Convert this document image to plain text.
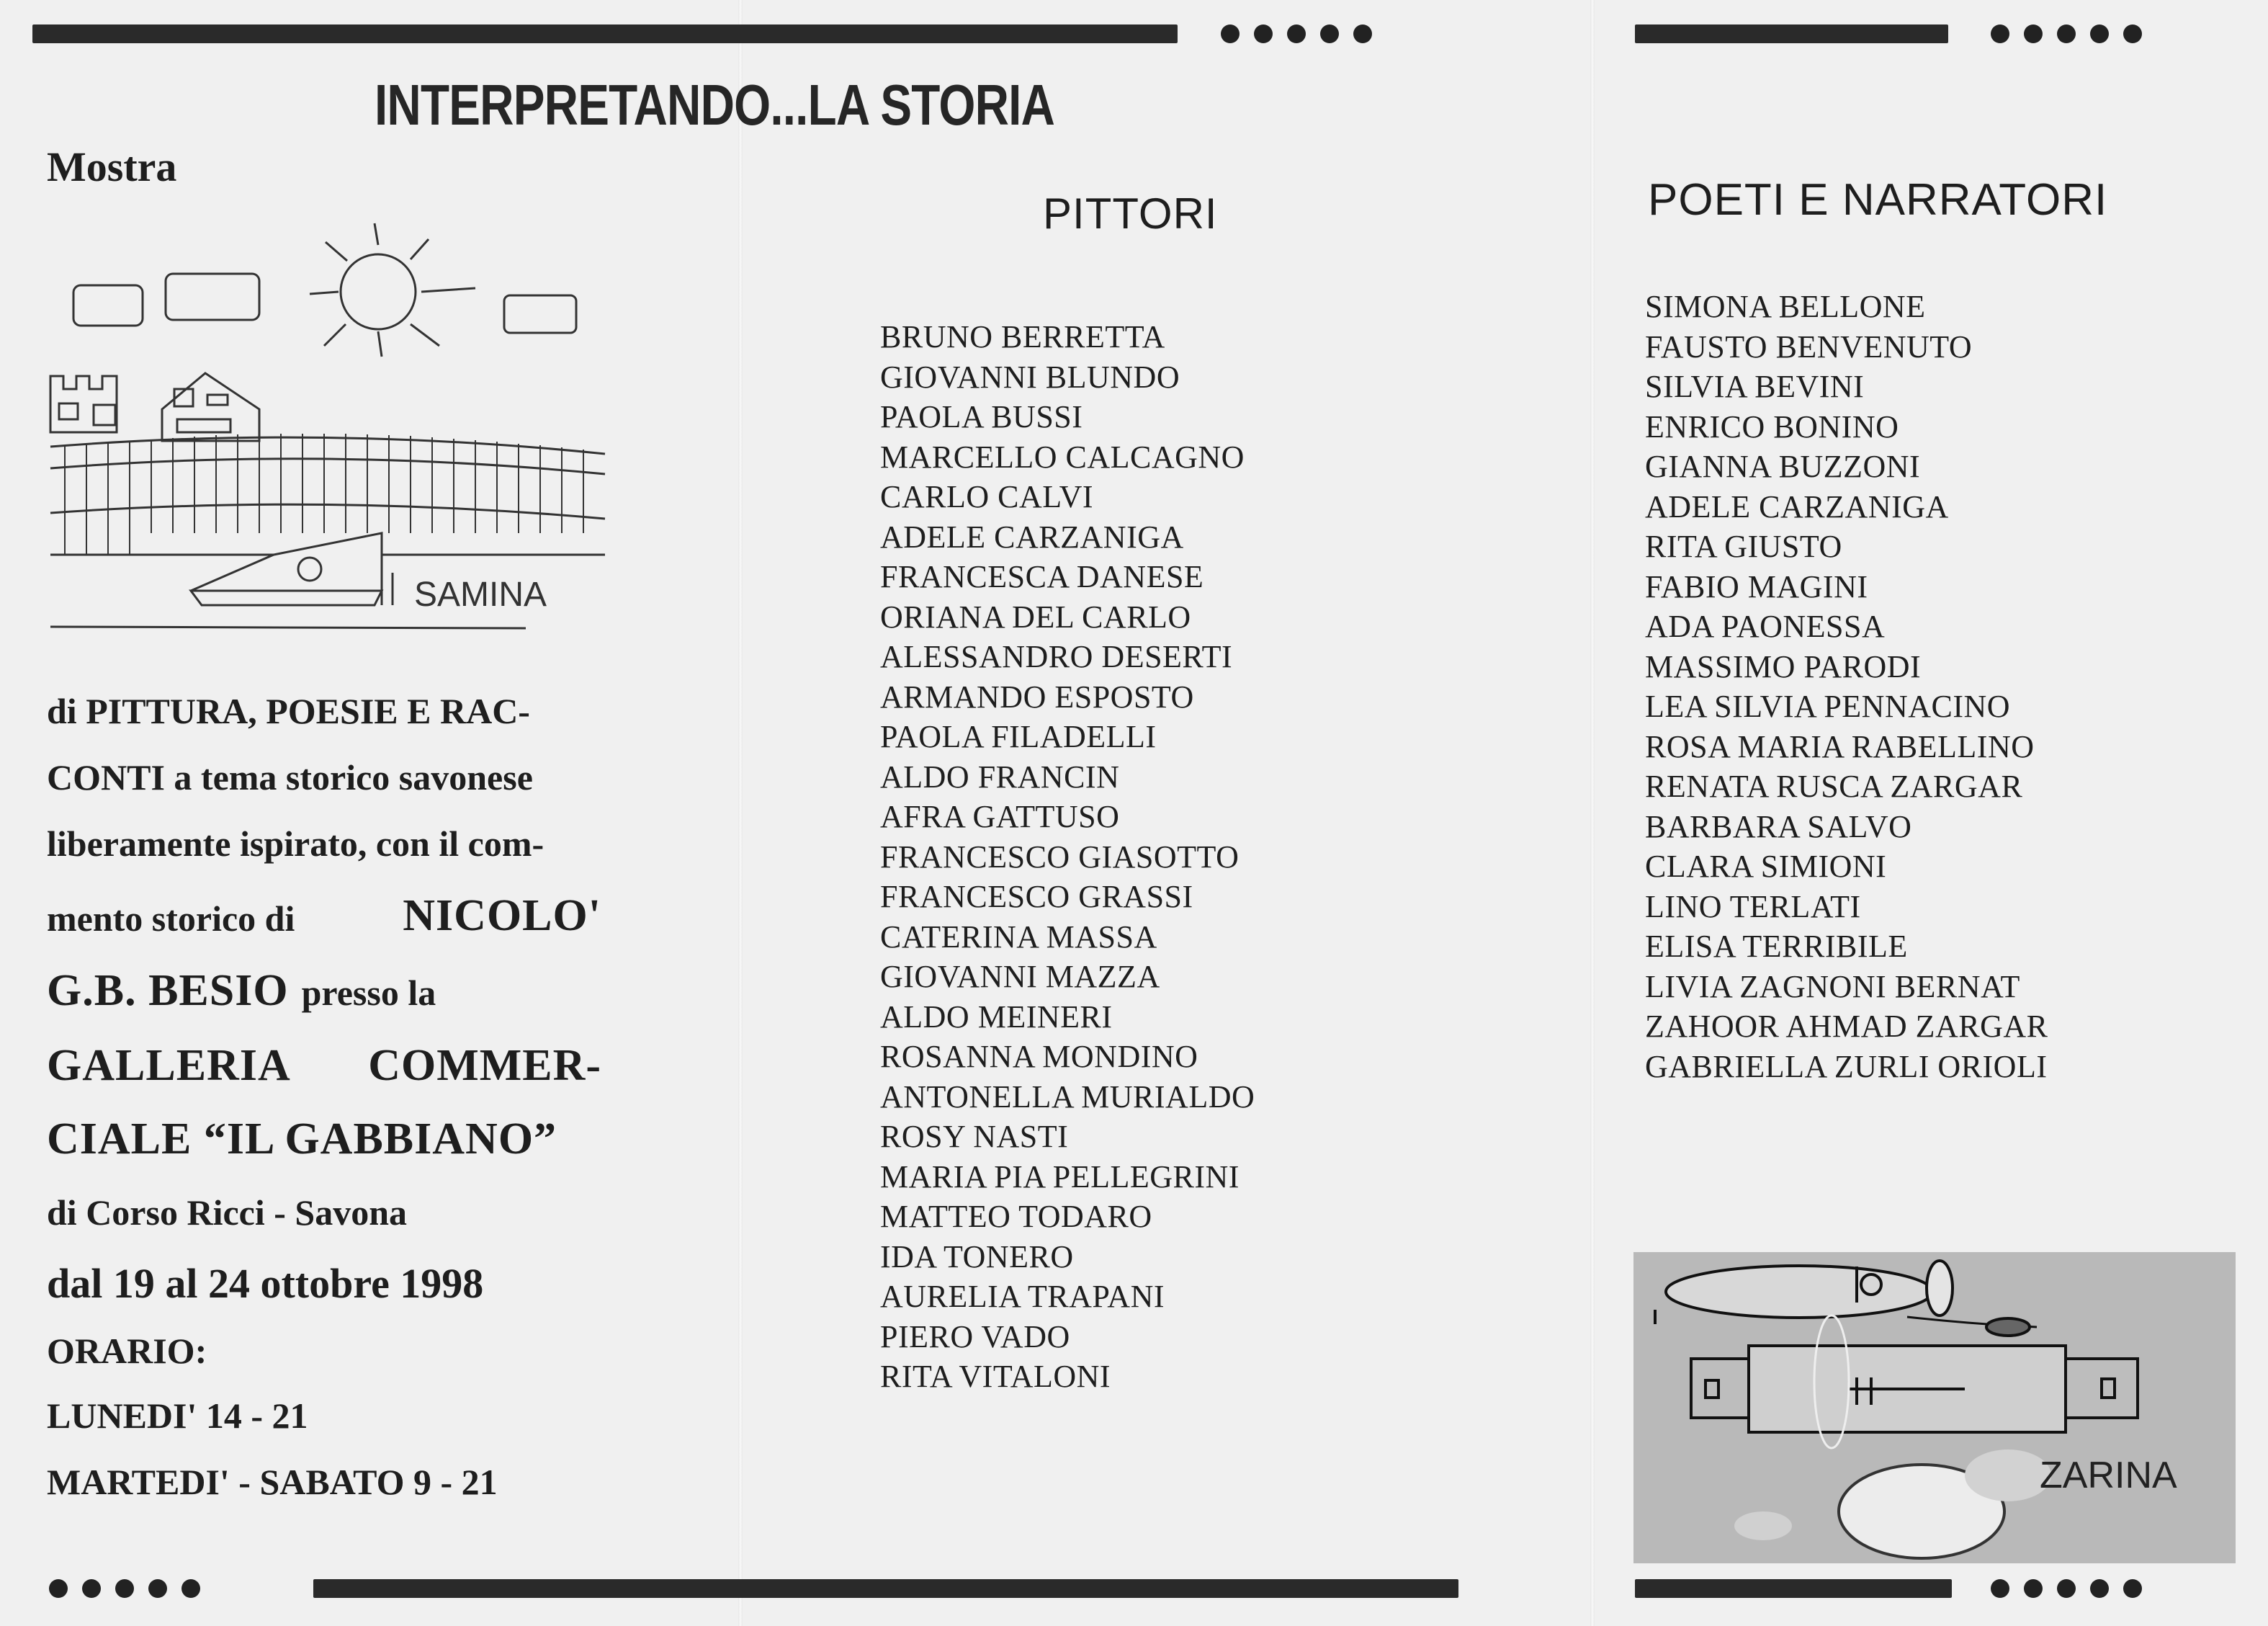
INTERPRETANDO...LA STORIA
Mostra
SAMINA
di PITTURA, POESIE E RAC-
CONTI a tema storico savonese
liberamente ispirato, con il com-
mento storico di NICOLO'
G.B. BESIO presso la
GALLERIA COMMER-
CIALE “IL GABBIANO”
di Corso Ricci - Savona
dal 19 al 24 ottobre 1998
ORARIO:
LUNEDI' 14 - 21
MARTEDI' - SABATO 9 - 21
PITTORI
BRUNO BERRETTA
GIOVANNI BLUNDO
PAOLA BUSSI
MARCELLO CALCAGNO
CARLO CALVI
ADELE CARZANIGA
FRANCESCA DANESE
ORIANA DEL CARLO
ALESSANDRO DESERTI
ARMANDO ESPOSTO
PAOLA FILADELLI
ALDO FRANCIN
AFRA GATTUSO
FRANCESCO GIASOTTO
FRANCESCO GRASSI
CATERINA MASSA
GIOVANNI MAZZA
ALDO MEINERI
ROSANNA MONDINO
ANTONELLA MURIALDO
ROSY NASTI
MARIA PIA PELLEGRINI
MATTEO TODARO
IDA TONERO
AURELIA TRAPANI
PIERO VADO
RITA VITALONI
POETI E NARRATORI
SIMONA BELLONE
FAUSTO BENVENUTO
SILVIA BEVINI
ENRICO BONINO
GIANNA BUZZONI
ADELE CARZANIGA
RITA GIUSTO
FABIO MAGINI
ADA PAONESSA
MASSIMO PARODI
LEA SILVIA PENNACINO
ROSA MARIA RABELLINO
RENATA RUSCA ZARGAR
BARBARA SALVO
CLARA SIMIONI
LINO TERLATI
ELISA TERRIBILE
LIVIA ZAGNONI BERNAT
ZAHOOR AHMAD ZARGAR
GABRIELLA ZURLI ORIOLI
ZARINA
